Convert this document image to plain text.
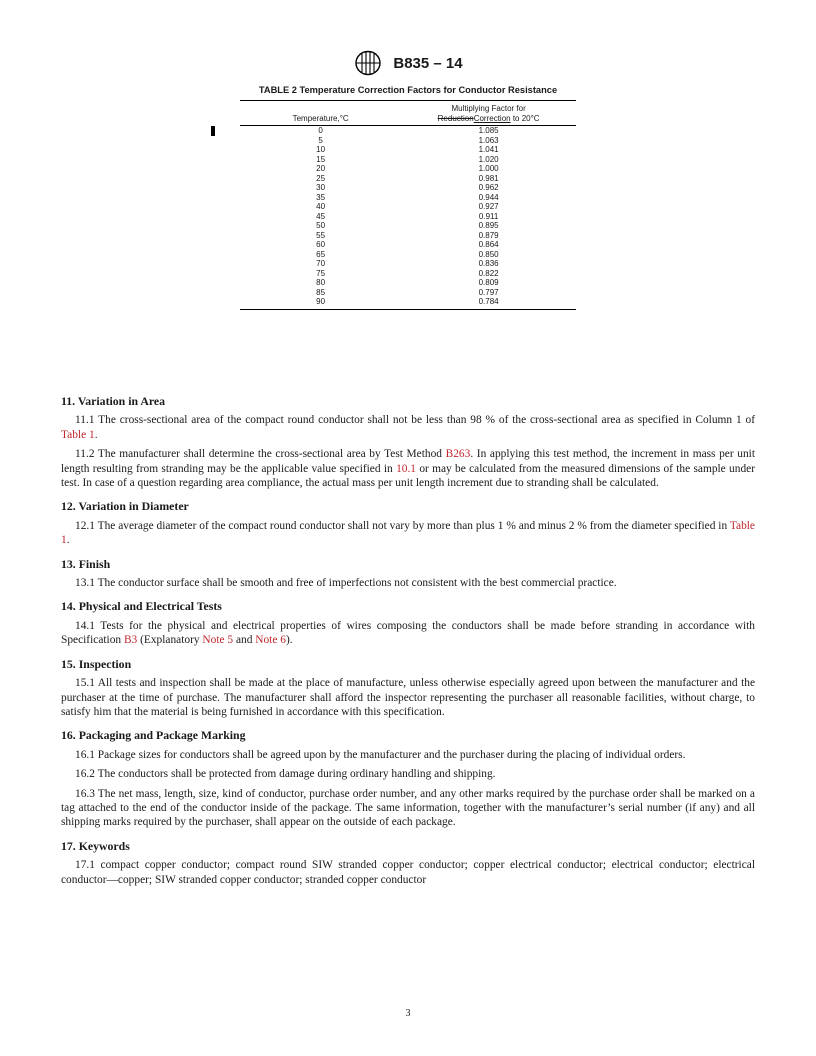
B835 – 14
TABLE 2 Temperature Correction Factors for Conductor Resistance
Temperature,°C	Multiplying Factor for
ReductionCorrection to 20°C
0	1.085
5	1.063
10	1.041
15	1.020
20	1.000
25	0.981
30	0.962
35	0.944
40	0.927
45	0.911
50	0.895
55	0.879
60	0.864
65	0.850
70	0.836
75	0.822
80	0.809
85	0.797
90	0.784
11. Variation in Area

11.1 The cross-sectional area of the compact round conductor shall not be less than 98 % of the cross-sectional area as specified in Column 1 of Table 1.

11.2 The manufacturer shall determine the cross-sectional area by Test Method B263. In applying this test method, the increment in mass per unit length resulting from stranding may be the applicable value specified in 10.1 or may be calculated from the measured dimensions of the sample under test. In case of a question regarding area compliance, the actual mass per unit length increment due to stranding shall be calculated.

12. Variation in Diameter

12.1 The average diameter of the compact round conductor shall not vary by more than plus 1 % and minus 2 % from the diameter specified in Table 1.

13. Finish

13.1 The conductor surface shall be smooth and free of imperfections not consistent with the best commercial practice.

14. Physical and Electrical Tests

14.1 Tests for the physical and electrical properties of wires composing the conductors shall be made before stranding in accordance with Specification B3 (Explanatory Note 5 and Note 6).

15. Inspection

15.1 All tests and inspection shall be made at the place of manufacture, unless otherwise especially agreed upon between the manufacturer and the purchaser at the time of purchase. The manufacturer shall afford the inspector representing the purchaser all reasonable facilities, without charge, to satisfy him that the material is being furnished in accordance with this specification.

16. Packaging and Package Marking

16.1 Package sizes for conductors shall be agreed upon by the manufacturer and the purchaser during the placing of individual orders.

16.2 The conductors shall be protected from damage during ordinary handling and shipping.

16.3 The net mass, length, size, kind of conductor, purchase order number, and any other marks required by the purchase order shall be marked on a tag attached to the end of the conductor inside of the package. The same information, together with the manufacturer’s serial number (if any) and all shipping marks required by the purchaser, shall appear on the outside of each package.

17. Keywords

17.1 compact copper conductor; compact round SIW stranded copper conductor; copper electrical conductor; electrical conductor; electrical conductor—copper; SIW stranded copper conductor; stranded copper conductor

3
